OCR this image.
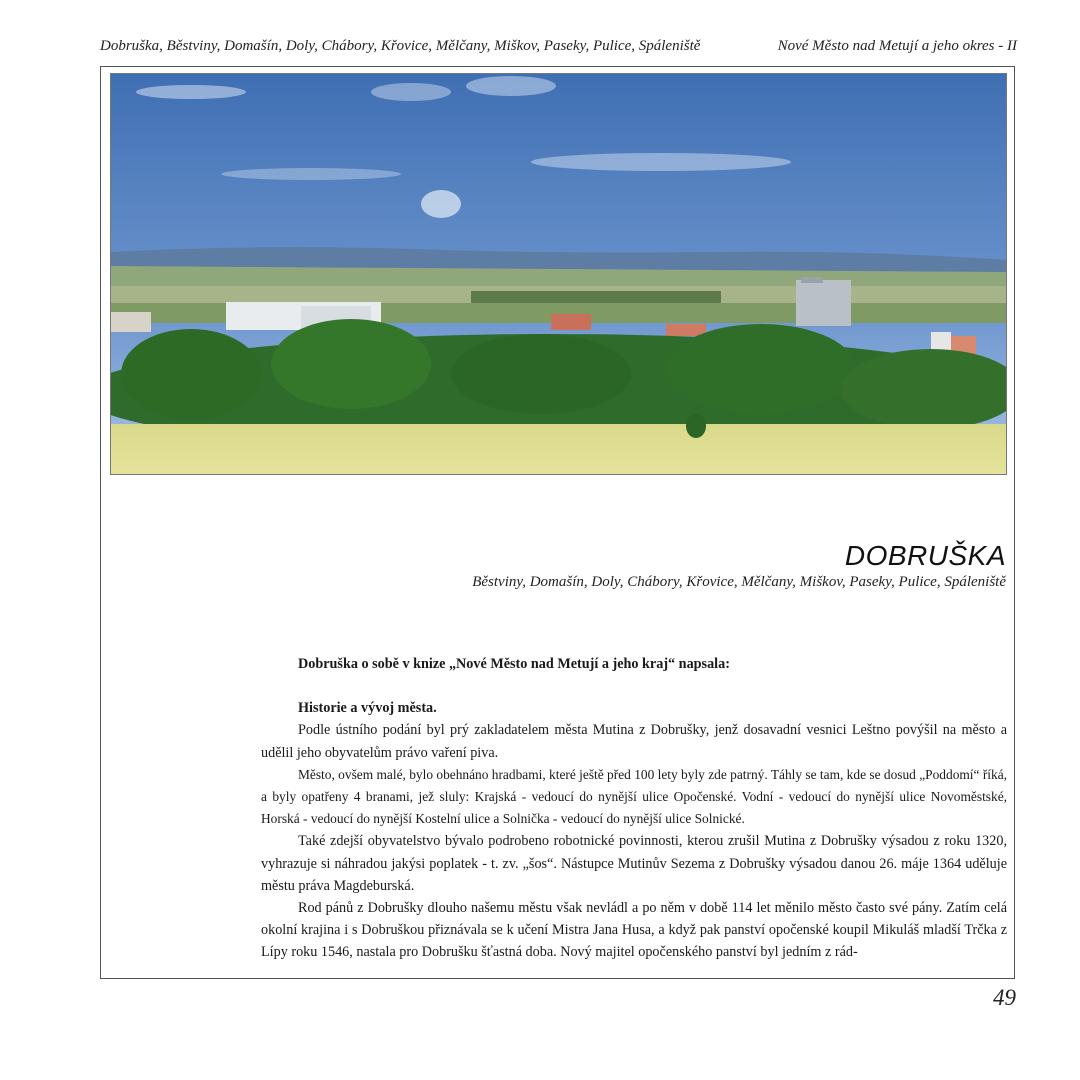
Dobruška, Běstviny, Domašín, Doly, Chábory, Křovice, Mělčany, Miškov, Paseky, Pulice, Spáleniště	Nové Město nad Metují a jeho okres - II
DOBRUŠKA
Běstviny, Domašín, Doly, Chábory, Křovice, Mělčany, Miškov, Paseky, Pulice, Spáleniště

Dobruška o sobě v knize „Nové Město nad Metují a jeho kraj“ napsala:

Historie a vývoj města.

Podle ústního podání byl prý zakladatelem města Mutina z Dobrušky, jenž dosavadní vesnici Leštno povýšil na město a udělil jeho obyvatelům právo vaření piva.

Město, ovšem malé, bylo obehnáno hradbami, které ještě před 100 lety byly zde patrný. Táhly se tam, kde se dosud „Poddomí“ říká, a byly opatřeny 4 branami, jež sluly: Krajská - vedoucí do nynější ulice Opočenské. Vodní - vedoucí do nynější ulice Novoměstské, Horská - vedoucí do nynější Kostelní ulice a Solnička - vedoucí do nynější ulice Solnické.

Také zdejší obyvatelstvo bývalo podrobeno robotnické povinnosti, kterou zrušil Mutina z Dobrušky výsadou z roku 1320, vyhrazuje si náhradou jakýsi poplatek - t. zv. „šos“. Nástupce Mutinův Sezema z Dobrušky výsadou danou 26. máje 1364 uděluje městu práva Magdeburská.

Rod pánů z Dobrušky dlouho našemu městu však nevládl a po něm v době 114 let měnilo město často své pány. Zatím celá okolní krajina i s Dobruškou přiznávala se k učení Mistra Jana Husa, a když pak panství opočenské koupil Mikuláš mladší Trčka z Lípy roku 1546, nastala pro Dobrušku šťastná doba. Nový majitel opočenského panství byl jedním z rád-

49
